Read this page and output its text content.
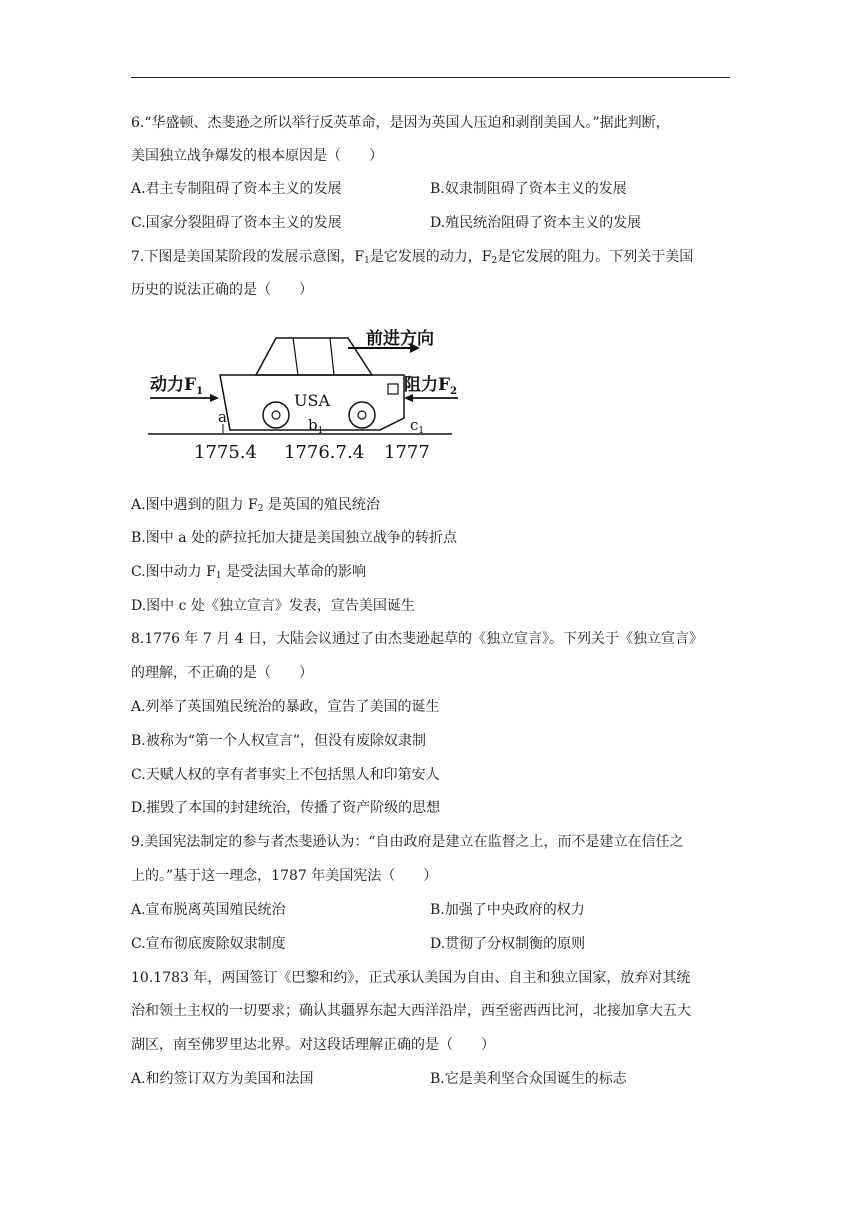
6.“华盛顿、杰斐逊之所以举行反英革命，是因为英国人压迫和剥削美国人。”据此判断，
美国独立战争爆发的根本原因是（　　）
A.君主专制阻碍了资本主义的发展	B.奴隶制阻碍了资本主义的发展
C.国家分裂阻碍了资本主义的发展	D.殖民统治阻碍了资本主义的发展
7.下图是美国某阶段的发展示意图，$F_1$是它发展的动力，$F_2$是它发展的阻力。下列关于美国
历史的说法正确的是（　　）
前进方向
USA
动力$F_1$	阻力$F_2$
a	$b_1$	$c_1$
1775.4 1776.7.4 1777
A.图中遇到的阻力 $F_2$ 是英国的殖民统治
B.图中 a 处的萨拉托加大捷是美国独立战争的转折点
C.图中动力 $F_1$ 是受法国大革命的影响
D.图中 c 处《独立宣言》发表，宣告美国诞生
8.1776 年 7 月 4 日，大陆会议通过了由杰斐逊起草的《独立宣言》。下列关于《独立宣言》
的理解，不正确的是（　　）
A.列举了英国殖民统治的暴政，宣告了美国的诞生
B.被称为“第一个人权宣言”，但没有废除奴隶制
C.天赋人权的享有者事实上不包括黑人和印第安人
D.摧毁了本国的封建统治，传播了资产阶级的思想
9.美国宪法制定的参与者杰斐逊认为：“自由政府是建立在监督之上，而不是建立在信任之
上的。”基于这一理念，1787 年美国宪法（　　）
A.宣布脱离英国殖民统治	B.加强了中央政府的权力
C.宣布彻底废除奴隶制度	D.贯彻了分权制衡的原则
10.1783 年，两国签订《巴黎和约》，正式承认美国为自由、自主和独立国家，放弃对其统
治和领土主权的一切要求；确认其疆界东起大西洋沿岸，西至密西西比河，北接加拿大五大
湖区，南至佛罗里达北界。对这段话理解正确的是（　　）
A.和约签订双方为美国和法国	B.它是美利坚合众国诞生的标志
